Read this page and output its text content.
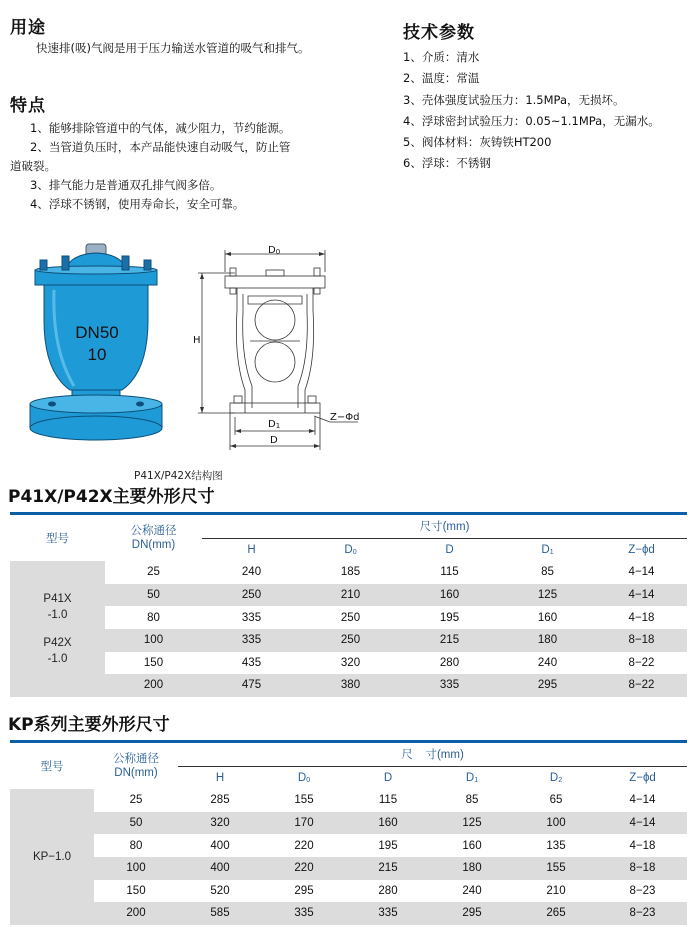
用途
快速排(吸)气阀是用于压力输送水管道的吸气和排气。
特点
1、能够排除管道中的气体，减少阻力，节约能源。
2、当管道负压时，本产品能快速自动吸气，防止管
道破裂。
3、排气能力是普通双孔排气阀多倍。
4、浮球不锈钢，使用寿命长，安全可靠。
技术参数
1、介质：清水
2、温度：常温
3、壳体强度试验压力：1.5MPa，无损坏。
4、浮球密封试验压力：0.05~1.1MPa，无漏水。
5、阀体材料：灰铸铁HT200
6、浮球：不锈钢
DN50
10
D0
H
D1
D
Z−Φd
P41X/P42X结构图
P41X/P42X主要外形尺寸
型号	公称通径
DN(mm)	尺寸(mm)				
		H	D0	D	D1	Z−ϕd

P41X
-1.0
P42X
-1.0	25	240	185	115	85	4−14
	50	250	210	160	125	4−14
	80	335	250	195	160	4−18
	100	335	250	215	180	8−18
	150	435	320	280	240	8−22
	200	475	380	335	295	8−22
KP系列主要外形尺寸
型号	公称通径
DN(mm)	尺    寸(mm)					
		H	D0	D	D1	D2	Z−ϕd
KP−1.0	25	285	155	115	85	65	4−14
	50	320	170	160	125	100	4−14
	80	400	220	195	160	135	4−18
	100	400	220	215	180	155	8−18
	150	520	295	280	240	210	8−23
	200	585	335	335	295	265	8−23
